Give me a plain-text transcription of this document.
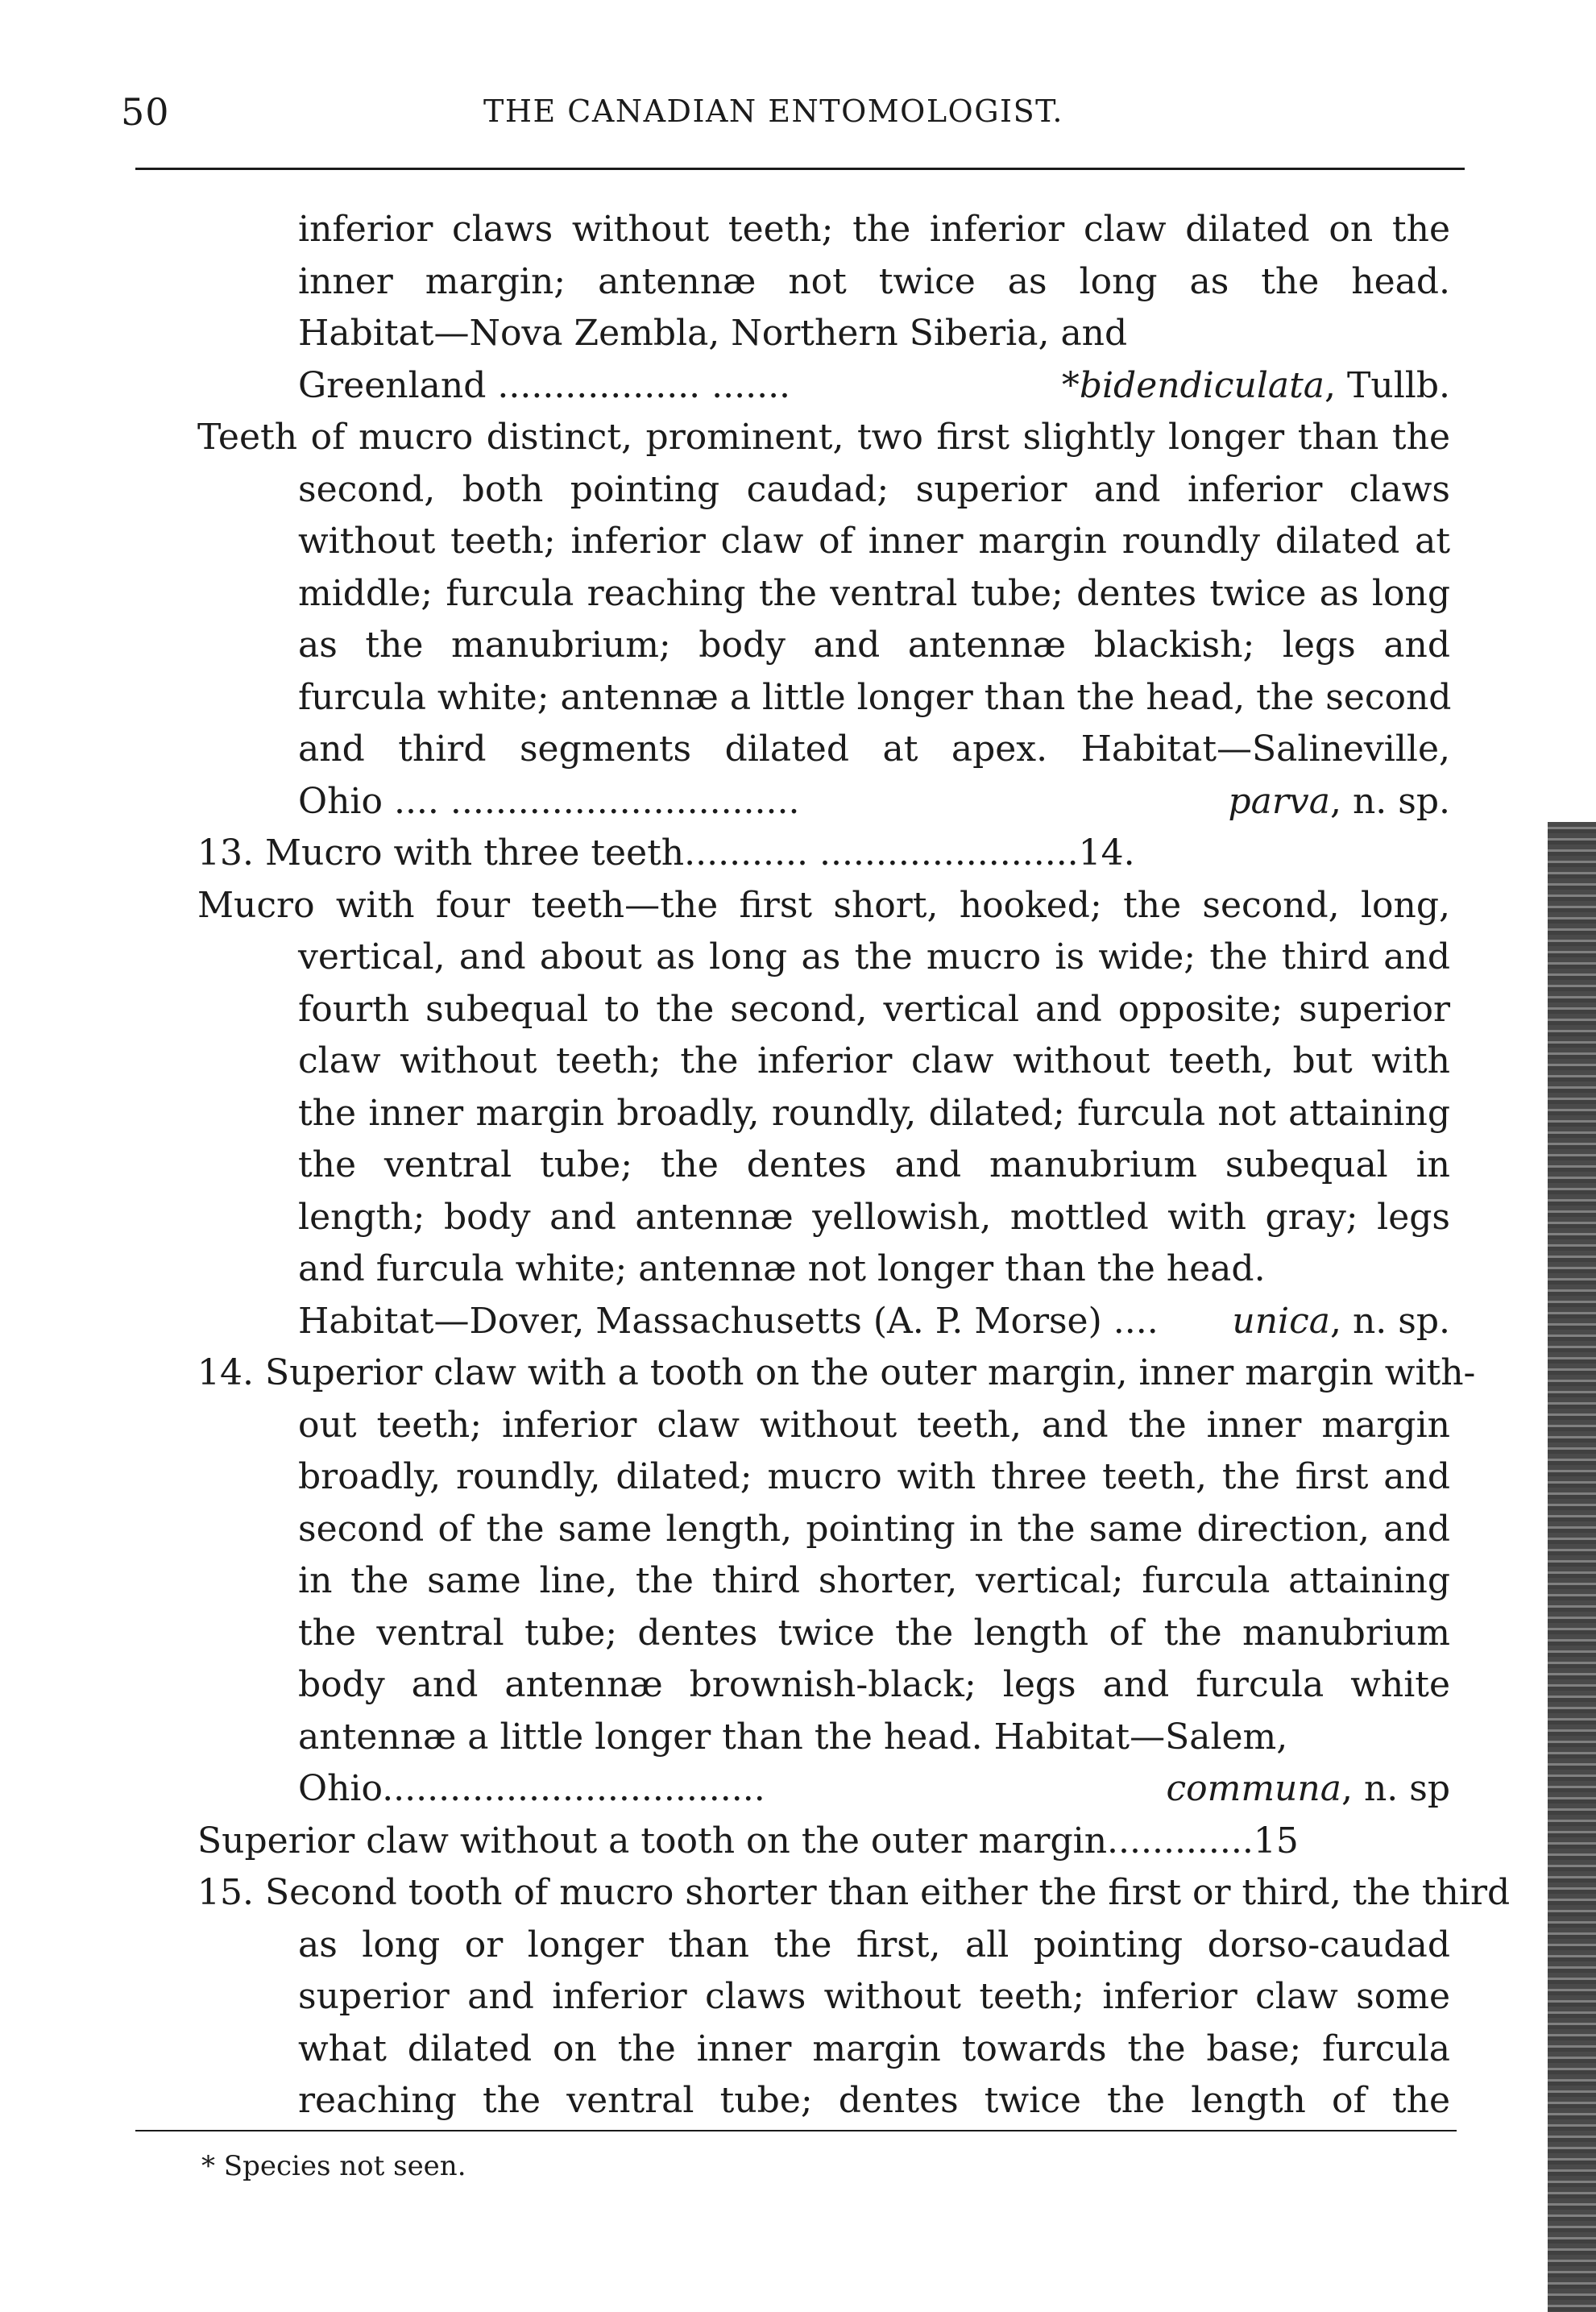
50	THE CANADIAN ENTOMOLOGIST.
inferior claws without teeth; the inferior claw dilated on the
inner margin; antennæ not twice as long as the head.
Habitat—Nova Zembla, Northern Siberia, and
Greenland .................. .......	*bidendiculata, Tullb.
Teeth of mucro distinct, prominent, two first slightly longer than the
second, both pointing caudad; superior and inferior claws
without teeth; inferior claw of inner margin roundly dilated at
middle; furcula reaching the ventral tube; dentes twice as long
as the manubrium; body and antennæ blackish; legs and
furcula white; antennæ a little longer than the head, the second
and third segments dilated at apex. Habitat—Salineville,
Ohio .... ...............................	parva, n. sp.
13. Mucro with three teeth........... .......................14.
Mucro with four teeth—the first short, hooked; the second, long,
vertical, and about as long as the mucro is wide; the third and
fourth subequal to the second, vertical and opposite; superior
claw without teeth; the inferior claw without teeth, but with
the inner margin broadly, roundly, dilated; furcula not attaining
the ventral tube; the dentes and manubrium subequal in
length; body and antennæ yellowish, mottled with gray; legs
and furcula white; antennæ not longer than the head.
Habitat—Dover, Massachusetts (A. P. Morse) .... unica, n. sp.
14. Superior claw with a tooth on the outer margin, inner margin with-
out teeth; inferior claw without teeth, and the inner margin
broadly, roundly, dilated; mucro with three teeth, the first and
second of the same length, pointing in the same direction, and
in the same line, the third shorter, vertical; furcula attaining
the ventral tube; dentes twice the length of the manubrium
body and antennæ brownish-black; legs and furcula white
antennæ a little longer than the head. Habitat—Salem,
Ohio..................................	communa, n. sp
Superior claw without a tooth on the outer margin.............15
15. Second tooth of mucro shorter than either the first or third, the third
as long or longer than the first, all pointing dorso-caudad
superior and inferior claws without teeth; inferior claw some
what dilated on the inner margin towards the base; furcula
reaching the ventral tube; dentes twice the length of the
* Species not seen.
